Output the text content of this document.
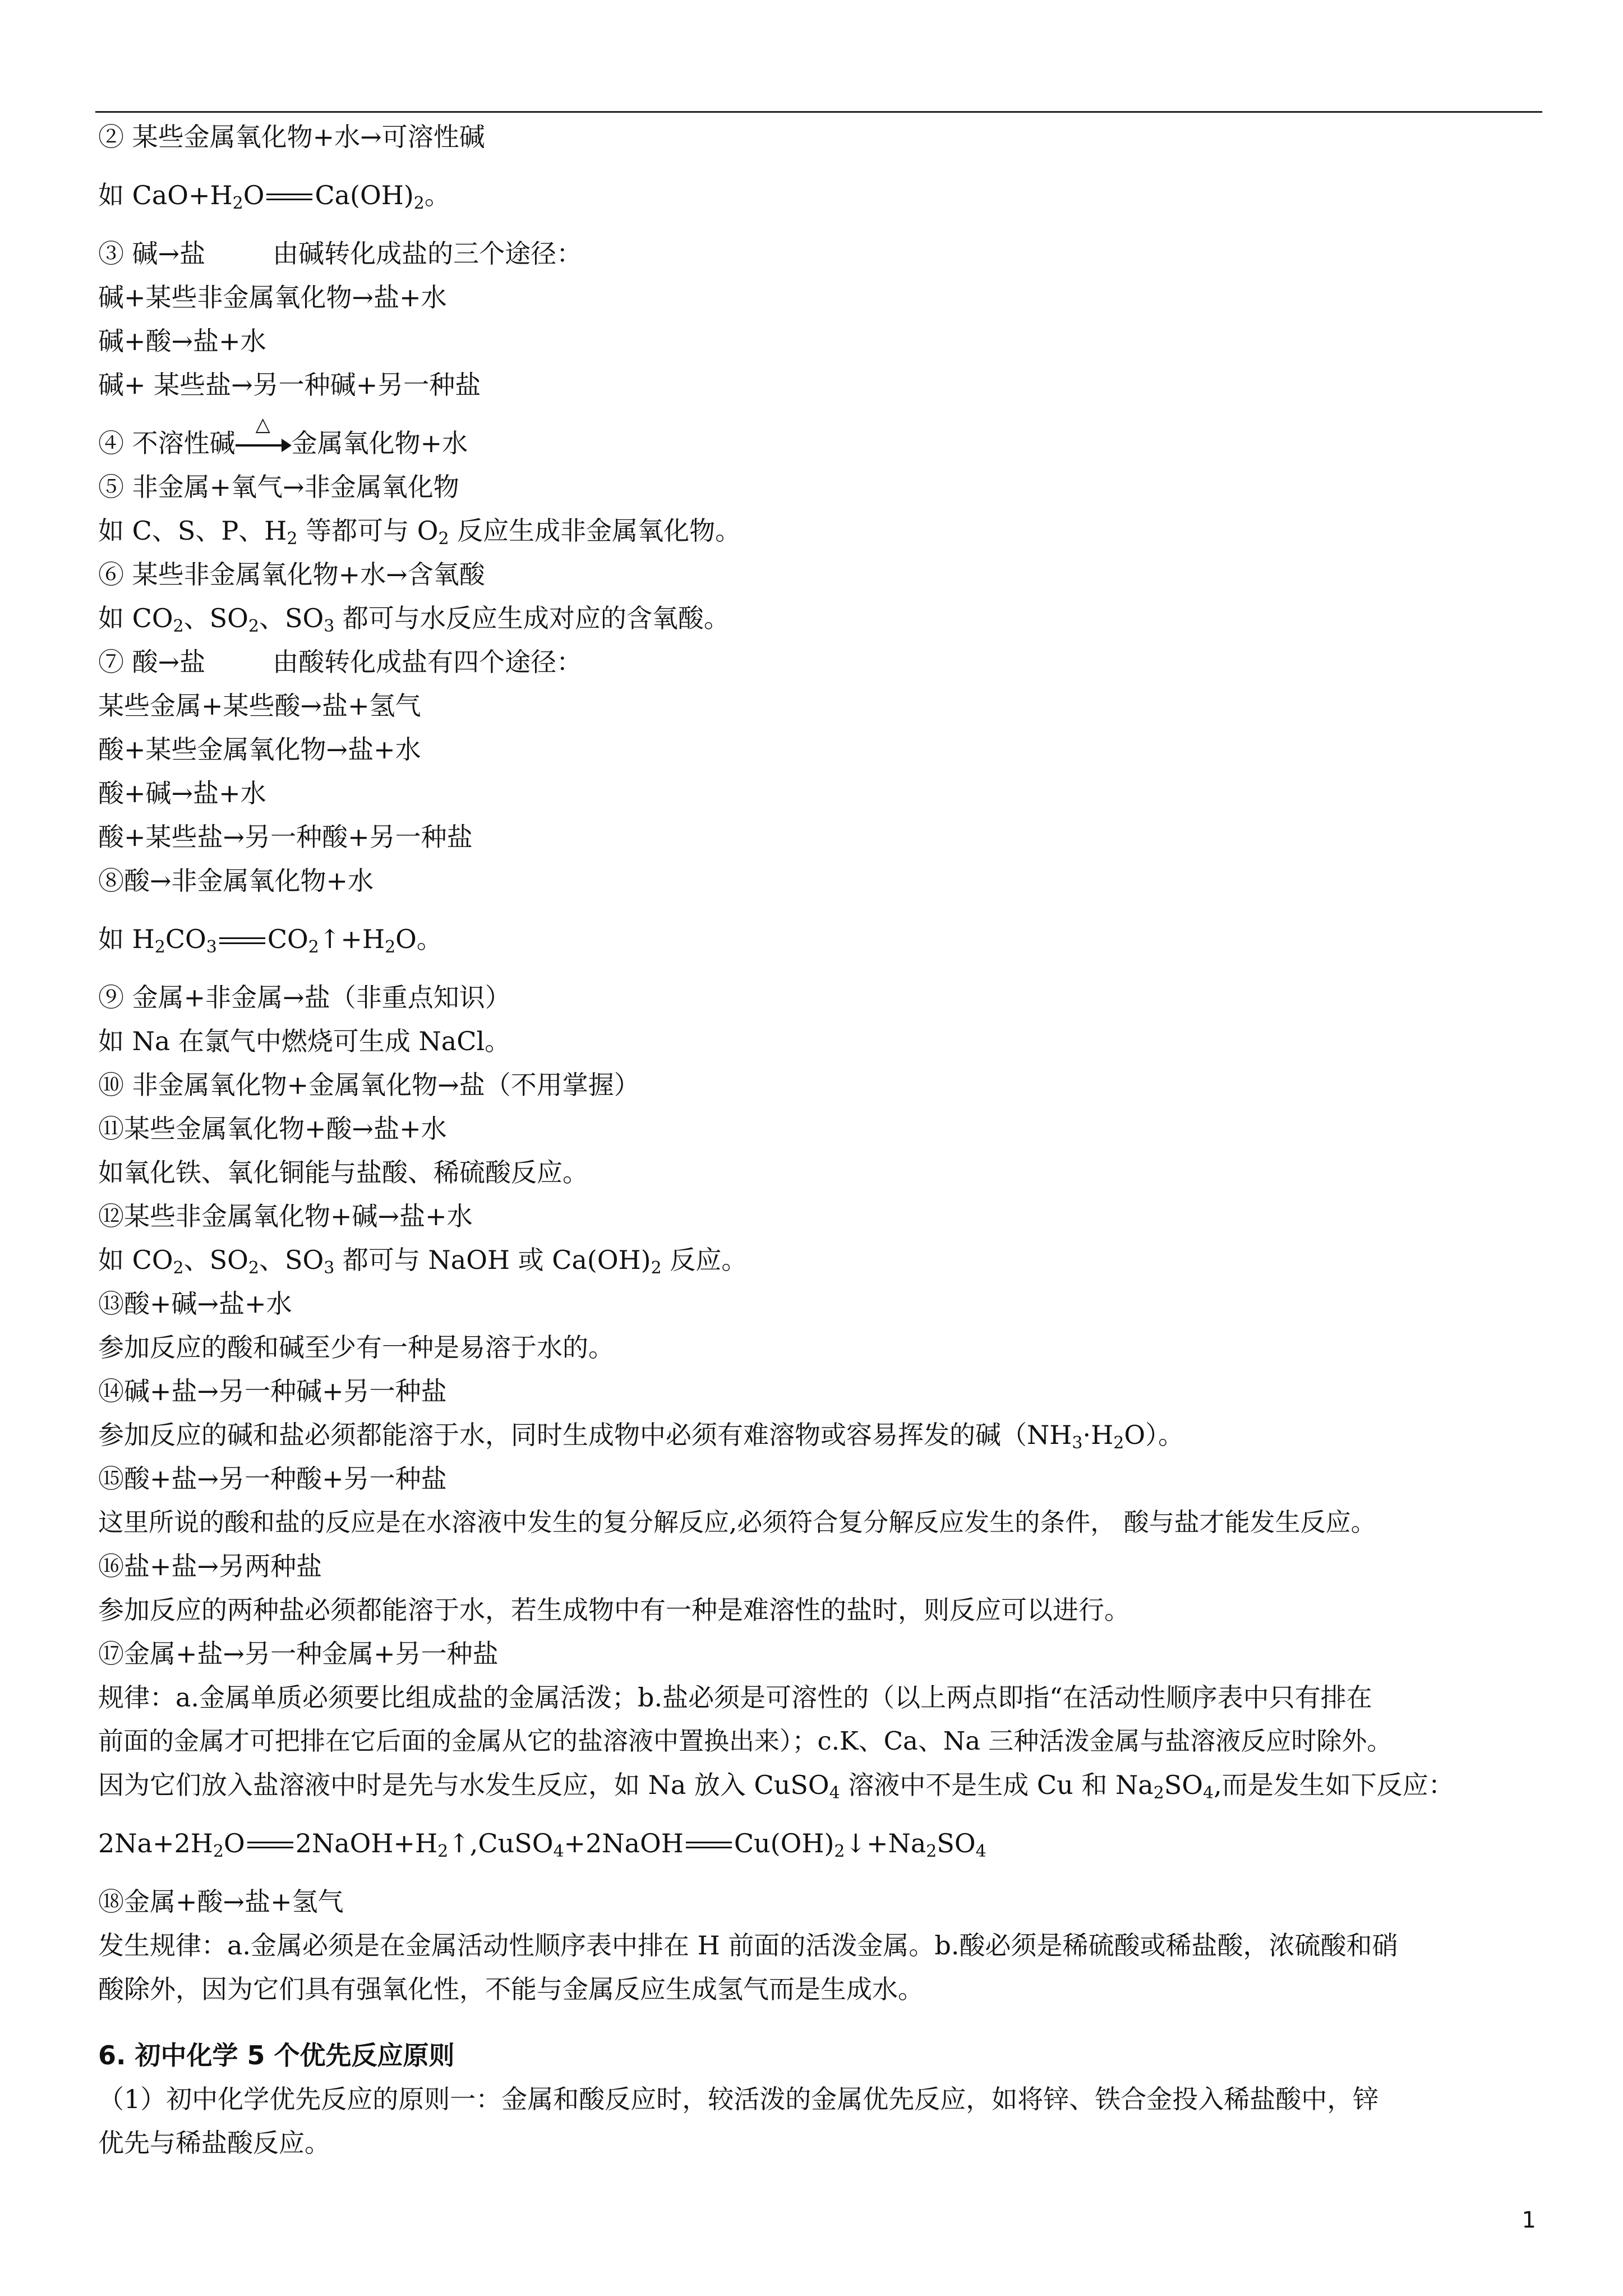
② 某些金属氧化物+水→可溶性碱
如 $CaO+H_2O$ $Ca(OH)_2$。
③ 碱→盐	由碱转化成盐的三个途径：
碱+某些非金属氧化物→盐+水
碱+酸→盐+水
碱+ 某些盐→另一种碱+另一种盐
④ 不溶性碱
△
金属氧化物+水
⑤ 非金属+氧气→非金属氧化物
如 C、S、P、$H_2$ 等都可与 $O_2$ 反应生成非金属氧化物。
⑥ 某些非金属氧化物+水→含氧酸
如 $CO_2$、$SO_2$、$SO_3$ 都可与水反应生成对应的含氧酸。
⑦ 酸→盐	由酸转化成盐有四个途径：
某些金属+某些酸→盐+氢气
酸+某些金属氧化物→盐+水
酸+碱→盐+水
酸+某些盐→另一种酸+另一种盐
⑧酸→非金属氧化物+水
如 $H_2CO_3$ $CO_2↑+H_2O$。
⑨ 金属+非金属→盐（非重点知识）
如 Na 在氯气中燃烧可生成 NaCl。
⑩ 非金属氧化物+金属氧化物→盐（不用掌握）
⑪某些金属氧化物+酸→盐+水
如氧化铁、氧化铜能与盐酸、稀硫酸反应。
⑫某些非金属氧化物+碱→盐+水
如 $CO_2$、$SO_2$、$SO_3$ 都可与 NaOH 或 $Ca(OH)_2$ 反应。
⑬酸+碱→盐+水
参加反应的酸和碱至少有一种是易溶于水的。
⑭碱+盐→另一种碱+另一种盐
参加反应的碱和盐必须都能溶于水，同时生成物中必须有难溶物或容易挥发的碱$(NH_3\cdot H_2O)$。
⑮酸+盐→另一种酸+另一种盐
这里所说的酸和盐的反应是在水溶液中发生的复分解反应,必须符合复分解反应发生的条件， 酸与盐才能发生反应。
⑯盐+盐→另两种盐
参加反应的两种盐必须都能溶于水，若生成物中有一种是难溶性的盐时，则反应可以进行。
⑰金属+盐→另一种金属+另一种盐
规律：a.金属单质必须要比组成盐的金属活泼；b.盐必须是可溶性的（以上两点即指“在活动性顺序表中只有排在
前面的金属才可把排在它后面的金属从它的盐溶液中置换出来）；c.K、Ca、Na 三种活泼金属与盐溶液反应时除外。
因为它们放入盐溶液中时是先与水发生反应，如 Na 放入 CuSO$_4$ 溶液中不是生成 Cu 和 $Na_2SO_4$,而是发生如下反应：
$2Na+2H_2O$ $2NaOH+H_2↑,CuSO_4+2NaOH$ $Cu(OH)_2↓+Na_2SO_4$
⑱金属+酸→盐+氢气
发生规律：a.金属必须是在金属活动性顺序表中排在 H 前面的活泼金属。b.酸必须是稀硫酸或稀盐酸，浓硫酸和硝
酸除外，因为它们具有强氧化性，不能与金属反应生成氢气而是生成水。
6. 初中化学 5 个优先反应原则
（1）初中化学优先反应的原则一：金属和酸反应时，较活泼的金属优先反应，如将锌、铁合金投入稀盐酸中，锌
优先与稀盐酸反应。
1
